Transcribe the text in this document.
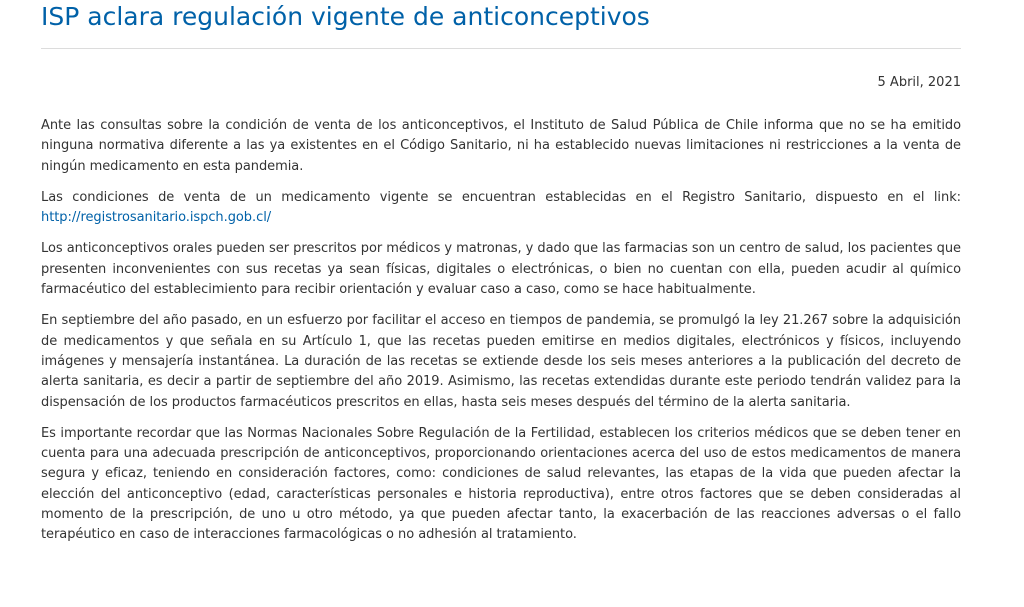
ISP aclara regulación vigente de anticonceptivos
5 Abril, 2021

Ante las consultas sobre la condición de venta de los anticonceptivos, el Instituto de Salud Pública de Chile informa que no se ha emitido ninguna normativa diferente a las ya existentes en el Código Sanitario, ni ha establecido nuevas limitaciones ni restricciones a la venta de ningún medicamento en esta pandemia.

Las condiciones de venta de un medicamento vigente se encuentran establecidas en el Registro Sanitario, dispuesto en el link: http://registrosanitario.ispch.gob.cl/

Los anticonceptivos orales pueden ser prescritos por médicos y matronas, y dado que las farmacias son un centro de salud, los pacientes que presenten inconvenientes con sus recetas ya sean físicas, digitales o electrónicas, o bien no cuentan con ella, pueden acudir al químico farmacéutico del establecimiento para recibir orientación y evaluar caso a caso, como se hace habitualmente.

En septiembre del año pasado, en un esfuerzo por facilitar el acceso en tiempos de pandemia, se promulgó la ley 21.267 sobre la adquisición de medicamentos y que señala en su Artículo 1, que las recetas pueden emitirse en medios digitales, electrónicos y físicos, incluyendo imágenes y mensajería instantánea. La duración de las recetas se extiende desde los seis meses anteriores a la publicación del decreto de alerta sanitaria, es decir a partir de septiembre del año 2019. Asimismo, las recetas extendidas durante este periodo tendrán validez para la dispensación de los productos farmacéuticos prescritos en ellas, hasta seis meses después del término de la alerta sanitaria.

Es importante recordar que las Normas Nacionales Sobre Regulación de la Fertilidad, establecen los criterios médicos que se deben tener en cuenta para una adecuada prescripción de anticonceptivos, proporcionando orientaciones acerca del uso de estos medicamentos de manera segura y eficaz, teniendo en consideración factores, como: condiciones de salud relevantes, las etapas de la vida que pueden afectar la elección del anticonceptivo (edad, características personales e historia reproductiva), entre otros factores que se deben consideradas al momento de la prescripción, de uno u otro método, ya que pueden afectar tanto, la exacerbación de las reacciones adversas o el fallo terapéutico en caso de interacciones farmacológicas o no adhesión al tratamiento.
